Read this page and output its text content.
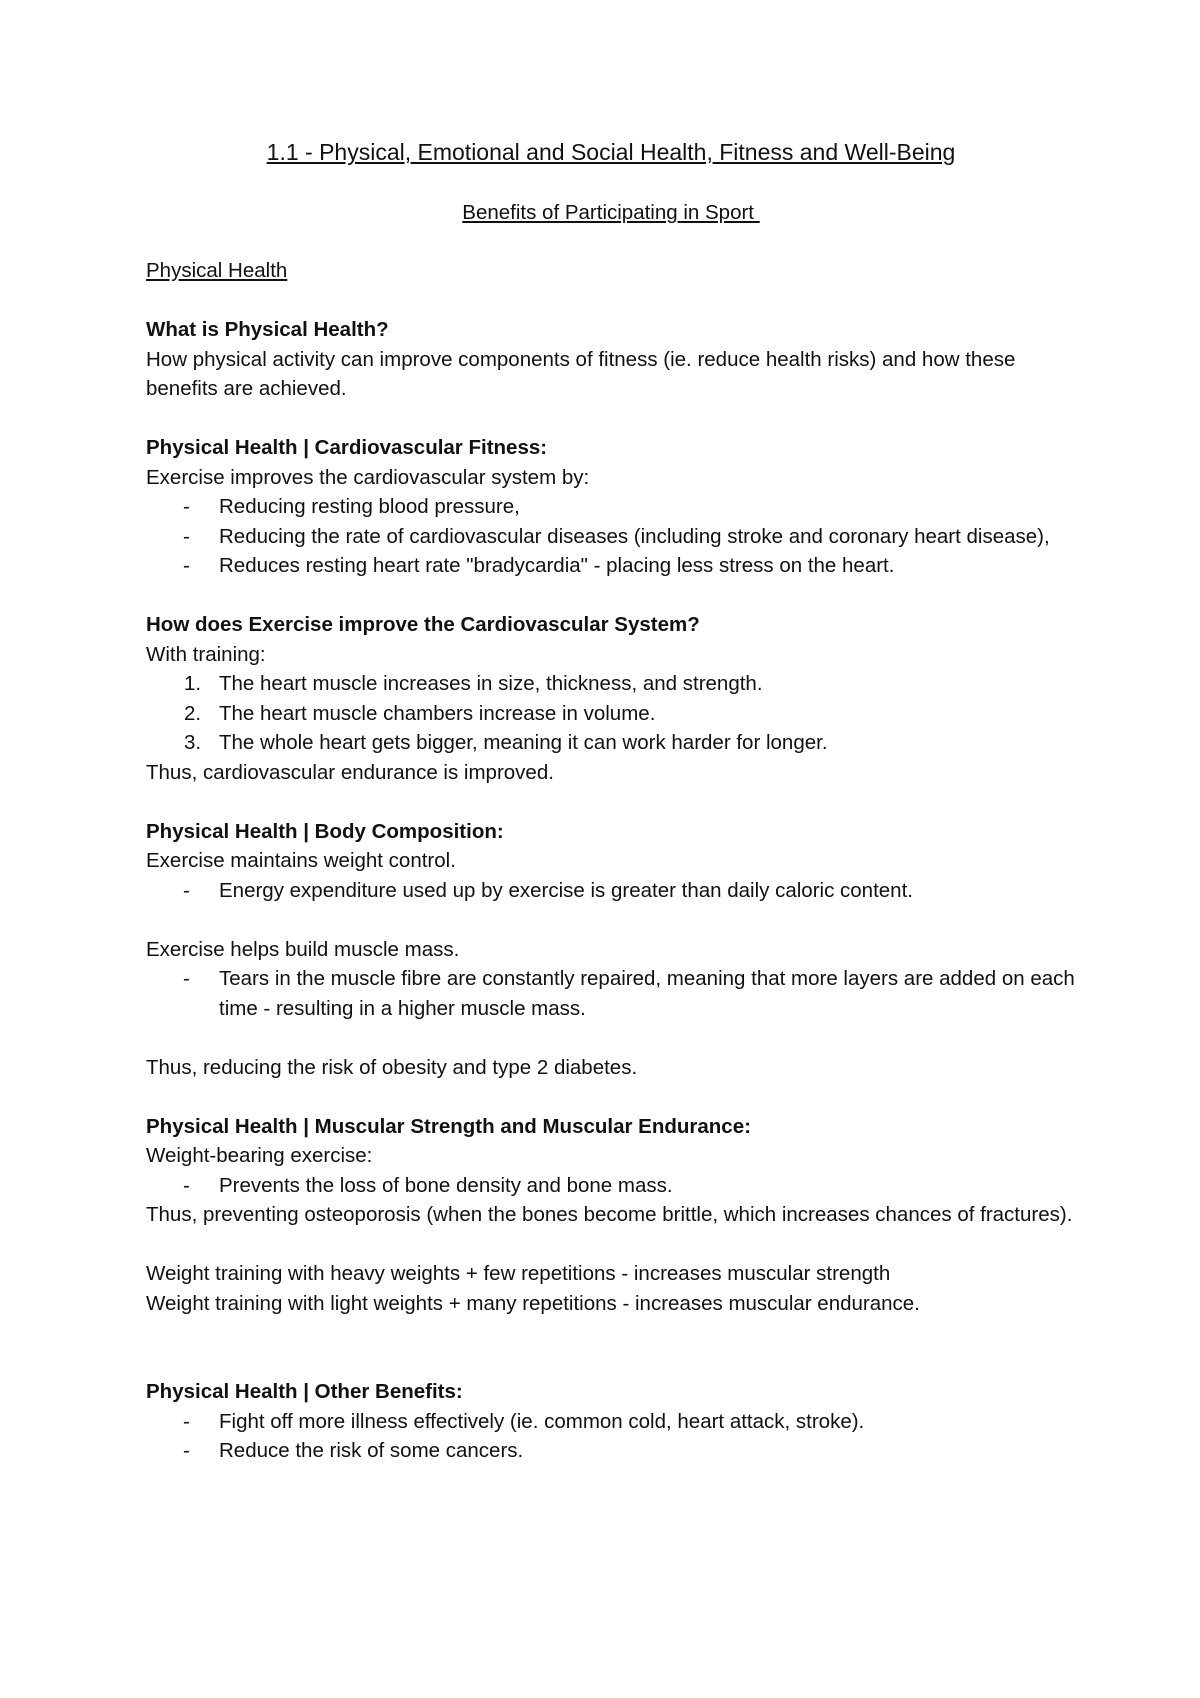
1.1 - Physical, Emotional and Social Health, Fitness and Well-Being
Benefits of Participating in Sport
Physical Health
What is Physical Health?

How physical activity can improve components of fitness (ie. reduce health risks) and how these benefits are achieved.

Physical Health | Cardiovascular Fitness:

Exercise improves the cardiovascular system by:

- Reducing resting blood pressure,
- Reducing the rate of cardiovascular diseases (including stroke and coronary heart disease),
- Reduces resting heart rate "bradycardia" - placing less stress on the heart.
How does Exercise improve the Cardiovascular System?

With training:

1. The heart muscle increases in size, thickness, and strength.
2. The heart muscle chambers increase in volume.
3. The whole heart gets bigger, meaning it can work harder for longer.

Thus, cardiovascular endurance is improved.

Physical Health | Body Composition:

Exercise maintains weight control.

- Energy expenditure used up by exercise is greater than daily caloric content.

Exercise helps build muscle mass.

- Tears in the muscle fibre are constantly repaired, meaning that more layers are added on each time - resulting in a higher muscle mass.

Thus, reducing the risk of obesity and type 2 diabetes.

Physical Health | Muscular Strength and Muscular Endurance:

Weight-bearing exercise:

- Prevents the loss of bone density and bone mass.

Thus, preventing osteoporosis (when the bones become brittle, which increases chances of fractures).

Weight training with heavy weights + few repetitions - increases muscular strength

Weight training with light weights + many repetitions - increases muscular endurance.

Physical Health | Other Benefits:
- Fight off more illness effectively (ie. common cold, heart attack, stroke).
- Reduce the risk of some cancers.
